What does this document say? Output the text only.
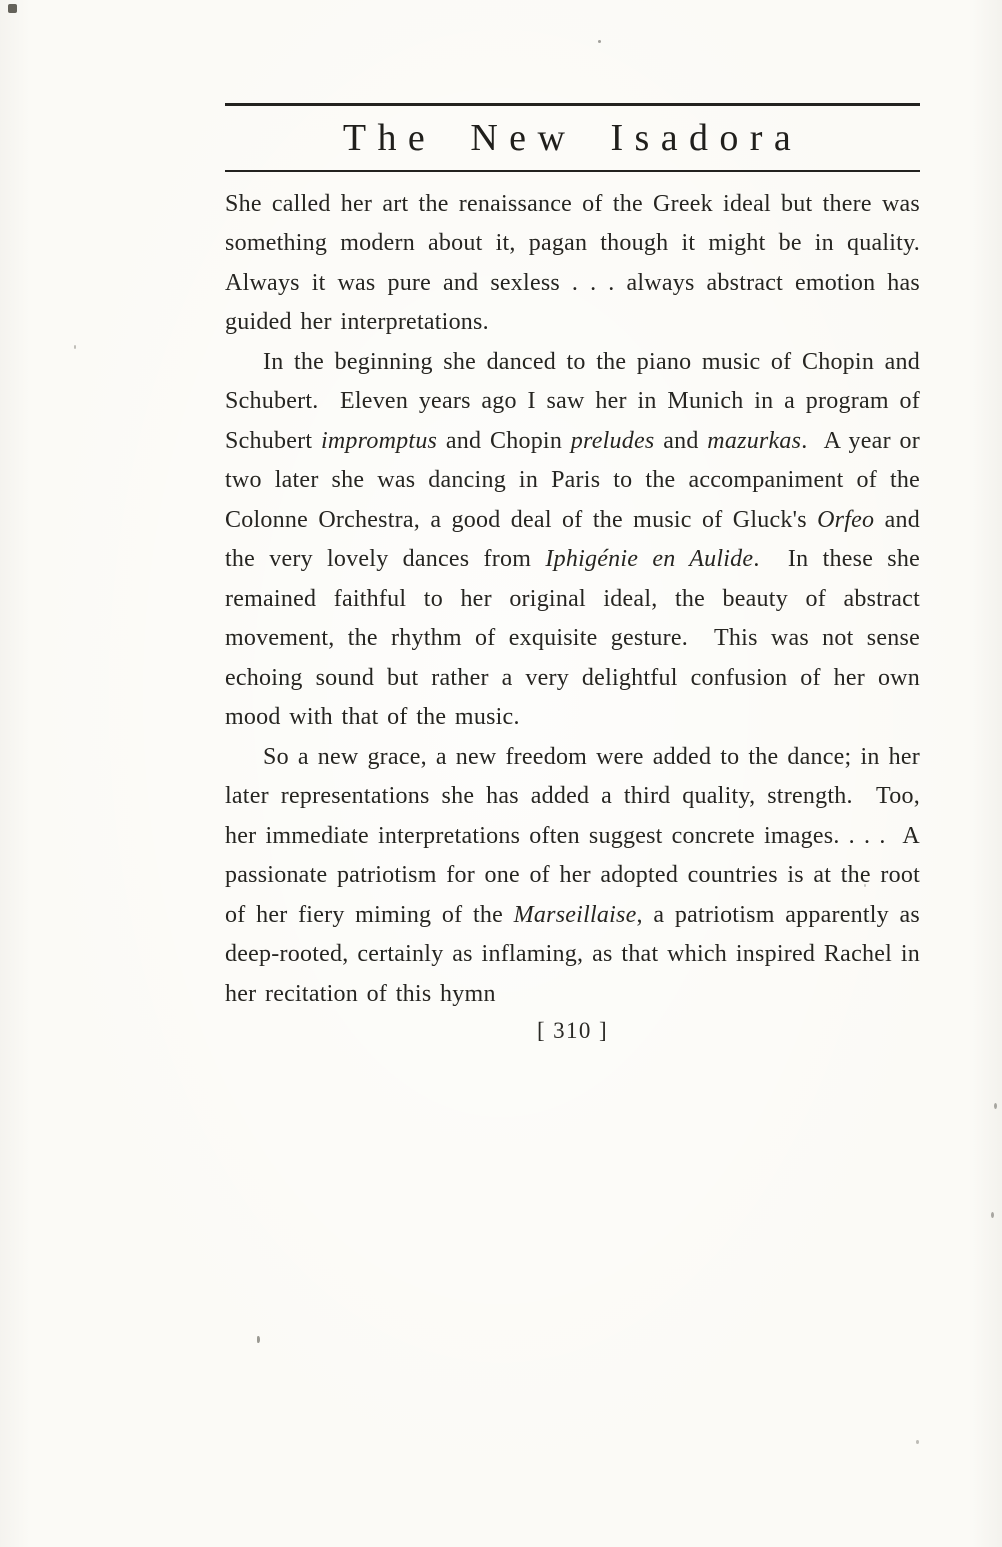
The New Isadora

She called her art the renaissance of the Greek ideal but there was something modern about it, pagan though it might be in quality.  Always it was pure and sexless . . . always abstract emotion has guided her interpretations.

In the beginning she danced to the piano music of Chopin and Schubert.  Eleven years ago I saw her in Munich in a program of Schubert impromptus and Chopin preludes and mazurkas.  A year or two later she was dancing in Paris to the accompaniment of the Colonne Orchestra, a good deal of the music of Gluck's Orfeo and the very lovely dances from Iphigénie en Aulide.  In these she remained faithful to her original ideal, the beauty of abstract movement, the rhythm of exquisite gesture.  This was not sense echoing sound but rather a very delightful confusion of her own mood with that of the music.

So a new grace, a new freedom were added to the dance; in her later representations she has added a third quality, strength.  Too, her immediate interpretations often suggest concrete images. . . .  A passionate patriotism for one of her adopted countries is at the root of her fiery miming of the Marseillaise, a patriotism apparently as deep-rooted, certainly as inflaming, as that which inspired Rachel in her recitation of this hymn

[ 310 ]
